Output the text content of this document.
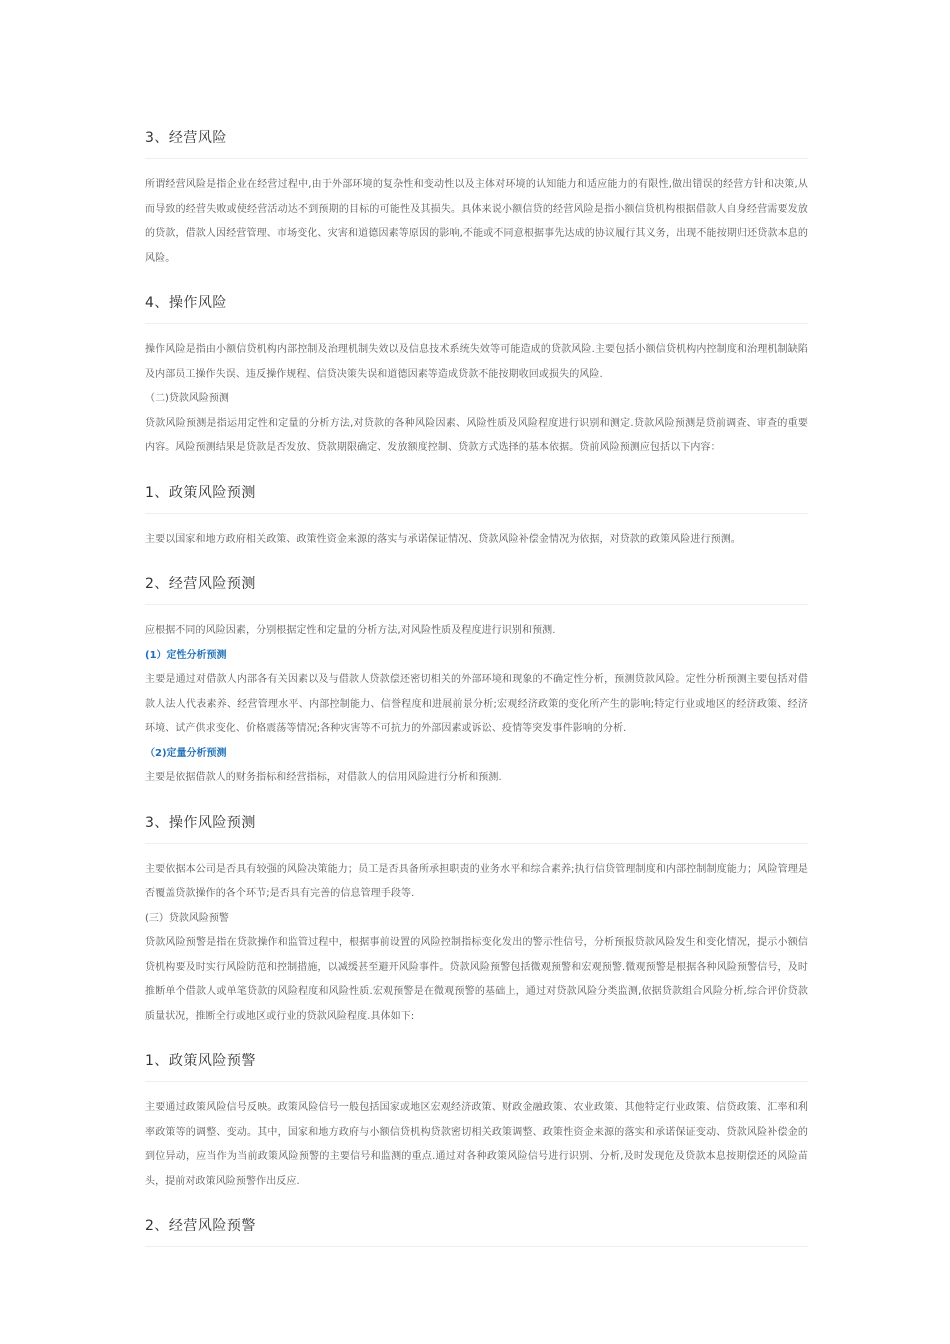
3、经营风险
所谓经营风险是指企业在经营过程中,由于外部环境的复杂性和变动性以及主体对环境的认知能力和适应能力的有限性,做出错误的经营方针和决策,从而导致的经营失败或使经营活动达不到预期的目标的可能性及其损失。具体来说小额信贷的经营风险是指小额信贷机构根据借款人自身经营需要发放的贷款，借款人因经营管理、市场变化、灾害和道德因素等原因的影响,不能或不同意根据事先达成的协议履行其义务，出现不能按期归还贷款本息的风险。
4、操作风险
操作风险是指由小额信贷机构内部控制及治理机制失效以及信息技术系统失效等可能造成的贷款风险.主要包括小额信贷机构内控制度和治理机制缺陷及内部员工操作失误、违反操作规程、信贷决策失误和道德因素等造成贷款不能按期收回或损失的风险.
（二)贷款风险预测
贷款风险预测是指运用定性和定量的分析方法,对贷款的各种风险因素、风险性质及风险程度进行识别和测定.贷款风险预测是贷前调查、审查的重要内容。风险预测结果是贷款是否发放、贷款期限确定、发放额度控制、贷款方式选择的基本依据。贷前风险预测应包括以下内容：
1、政策风险预测
主要以国家和地方政府相关政策、政策性资金来源的落实与承诺保证情况、贷款风险补偿金情况为依据，对贷款的政策风险进行预测。
2、经营风险预测
应根据不同的风险因素，分别根据定性和定量的分析方法,对风险性质及程度进行识别和预测.
(1）定性分析预测
主要是通过对借款人内部各有关因素以及与借款人贷款偿还密切相关的外部环境和现象的不确定性分析，预测贷款风险。定性分析预测主要包括对借款人法人代表素养、经营管理水平、内部控制能力、信誉程度和进展前景分析;宏观经济政策的变化所产生的影响;特定行业或地区的经济政策、经济环境、试产供求变化、价格震荡等情况;各种灾害等不可抗力的外部因素或诉讼、疫情等突发事件影响的分析.
（2)定量分析预测
主要是依据借款人的财务指标和经营指标，对借款人的信用风险进行分析和预测.
3、操作风险预测
主要依据本公司是否具有较强的风险决策能力；员工是否具备所承担职责的业务水平和综合素养;执行信贷管理制度和内部控制制度能力；风险管理是否覆盖贷款操作的各个环节;是否具有完善的信息管理手段等.
(三）贷款风险预警
贷款风险预警是指在贷款操作和监管过程中，根据事前设置的风险控制指标变化发出的警示性信号，分析预报贷款风险发生和变化情况，提示小额信贷机构要及时实行风险防范和控制措施，以减缓甚至避开风险事件。贷款风险预警包括微观预警和宏观预警.微观预警是根据各种风险预警信号，及时推断单个借款人或单笔贷款的风险程度和风险性质.宏观预警是在微观预警的基础上，通过对贷款风险分类监测,依据贷款组合风险分析,综合评价贷款质量状况，推断全行或地区或行业的贷款风险程度.具体如下:
1、政策风险预警
主要通过政策风险信号反映。政策风险信号一般包括国家或地区宏观经济政策、财政金融政策、农业政策、其他特定行业政策、信贷政策、汇率和利率政策等的调整、变动。其中，国家和地方政府与小额信贷机构贷款密切相关政策调整、政策性资金来源的落实和承诺保证变动、贷款风险补偿金的到位异动，应当作为当前政策风险预警的主要信号和监测的重点.通过对各种政策风险信号进行识别、分析,及时发现危及贷款本息按期偿还的风险苗头，提前对政策风险预警作出反应.
2、经营风险预警
